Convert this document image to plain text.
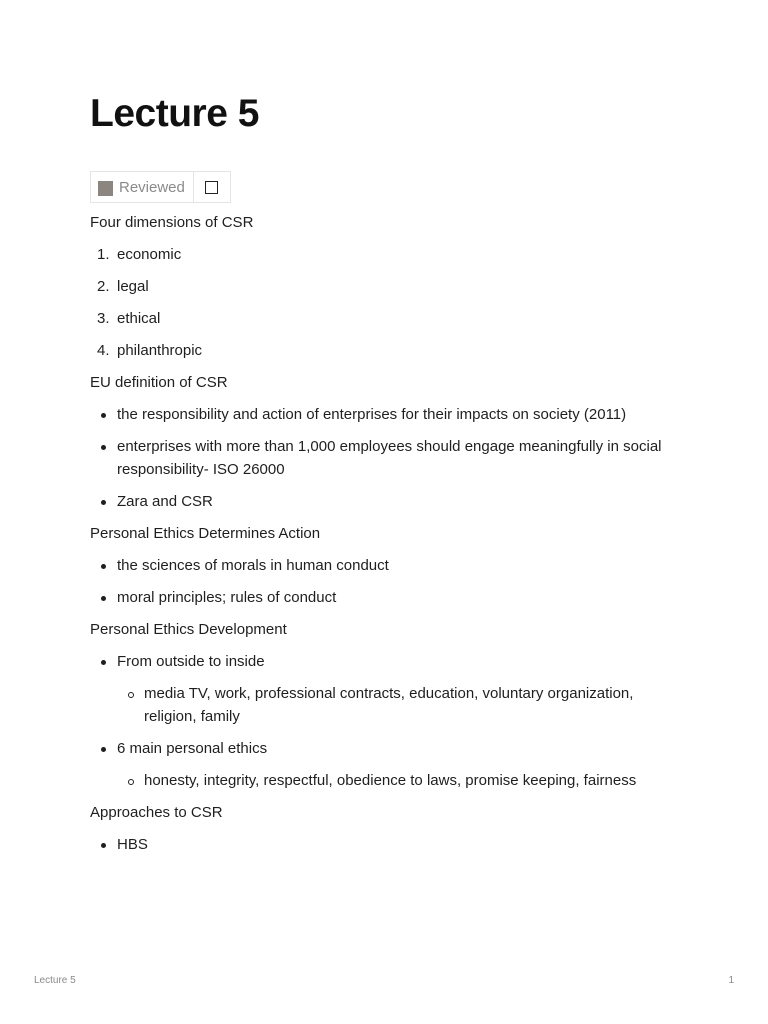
Lecture 5
Reviewed

Four dimensions of CSR

1. economic
2. legal
3. ethical
4. philanthropic

EU definition of CSR

the responsibility and action of enterprises for their impacts on society (2011)
enterprises with more than 1,000 employees should engage meaningfully in social responsibility- ISO 26000
Zara and CSR

Personal Ethics Determines Action

the sciences of morals in human conduct
moral principles; rules of conduct

Personal Ethics Development

From outside to inside
media TV, work, professional contracts, education, voluntary organization, religion, family
6 main personal ethics
honesty, integrity, respectful, obedience to laws, promise keeping, fairness

Approaches to CSR

HBS
Lecture 5	1
